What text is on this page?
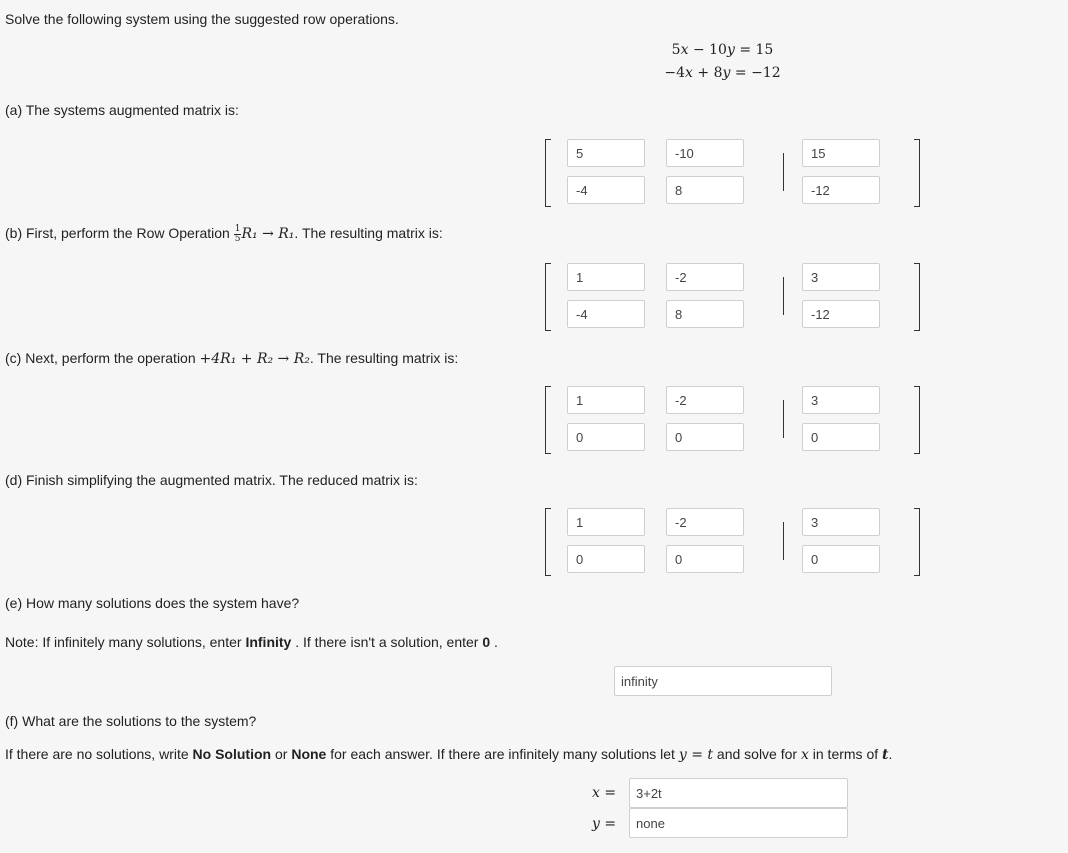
Solve the following system using the suggested row operations.
5x − 10y = 15
−4x + 8y = −12
(a) The systems augmented matrix is:
5
-10
15
-4
8
-12
(b) First, perform the Row Operation $\frac{1}{5} R_1 \to R_1$. The resulting matrix is:
1
-2
3
-4
8
-12
(c) Next, perform the operation +4R₁ + R₂ → R₂. The resulting matrix is:
1
-2
3
0
0
0
(d) Finish simplifying the augmented matrix. The reduced matrix is:
1
-2
3
0
0
0
(e) How many solutions does the system have?
Note: If infinitely many solutions, enter Infinity . If there isn't a solution, enter 0 .
infinity
(f) What are the solutions to the system?
If there are no solutions, write No Solution or None for each answer. If there are infinitely many solutions let y = t and solve for x in terms of t.
x =
3+2t
y =
none
